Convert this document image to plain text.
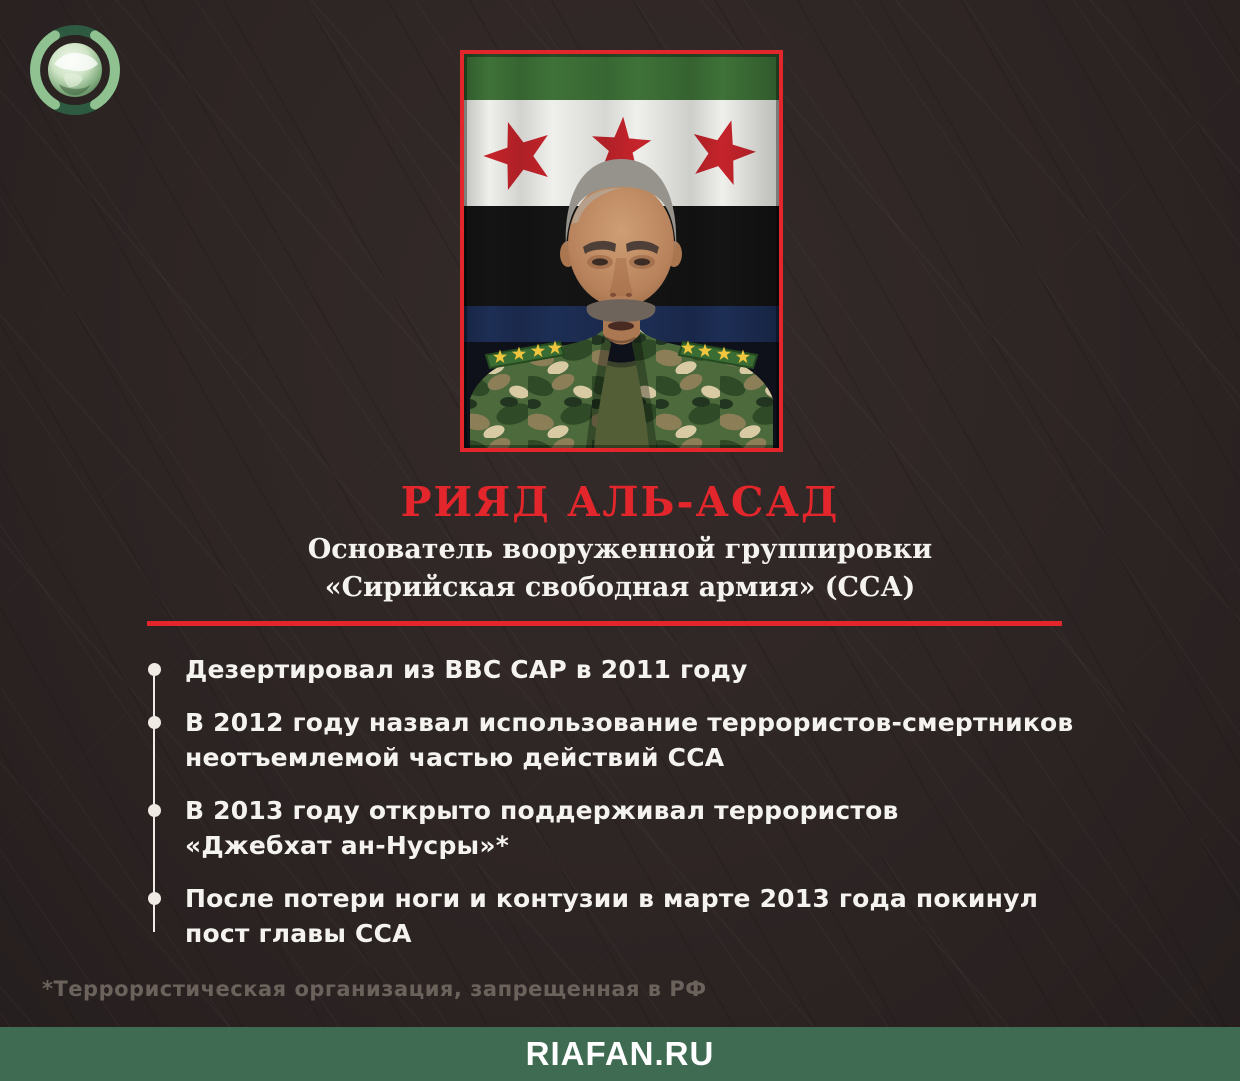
РИЯД АЛЬ-АСАД
Основатель вооруженной группировки
«Сирийская свободная армия» (ССА)
Дезертировал из ВВС САР в 2011 году
В 2012 году назвал использование террористов-смертников
неотъемлемой частью действий ССА
В 2013 году открыто поддерживал террористов
«Джебхат ан-Нусры»*
После потери ноги и контузии в марте 2013 года покинул
пост главы ССА
*Террористическая организация, запрещенная в РФ
RIAFAN.RU
